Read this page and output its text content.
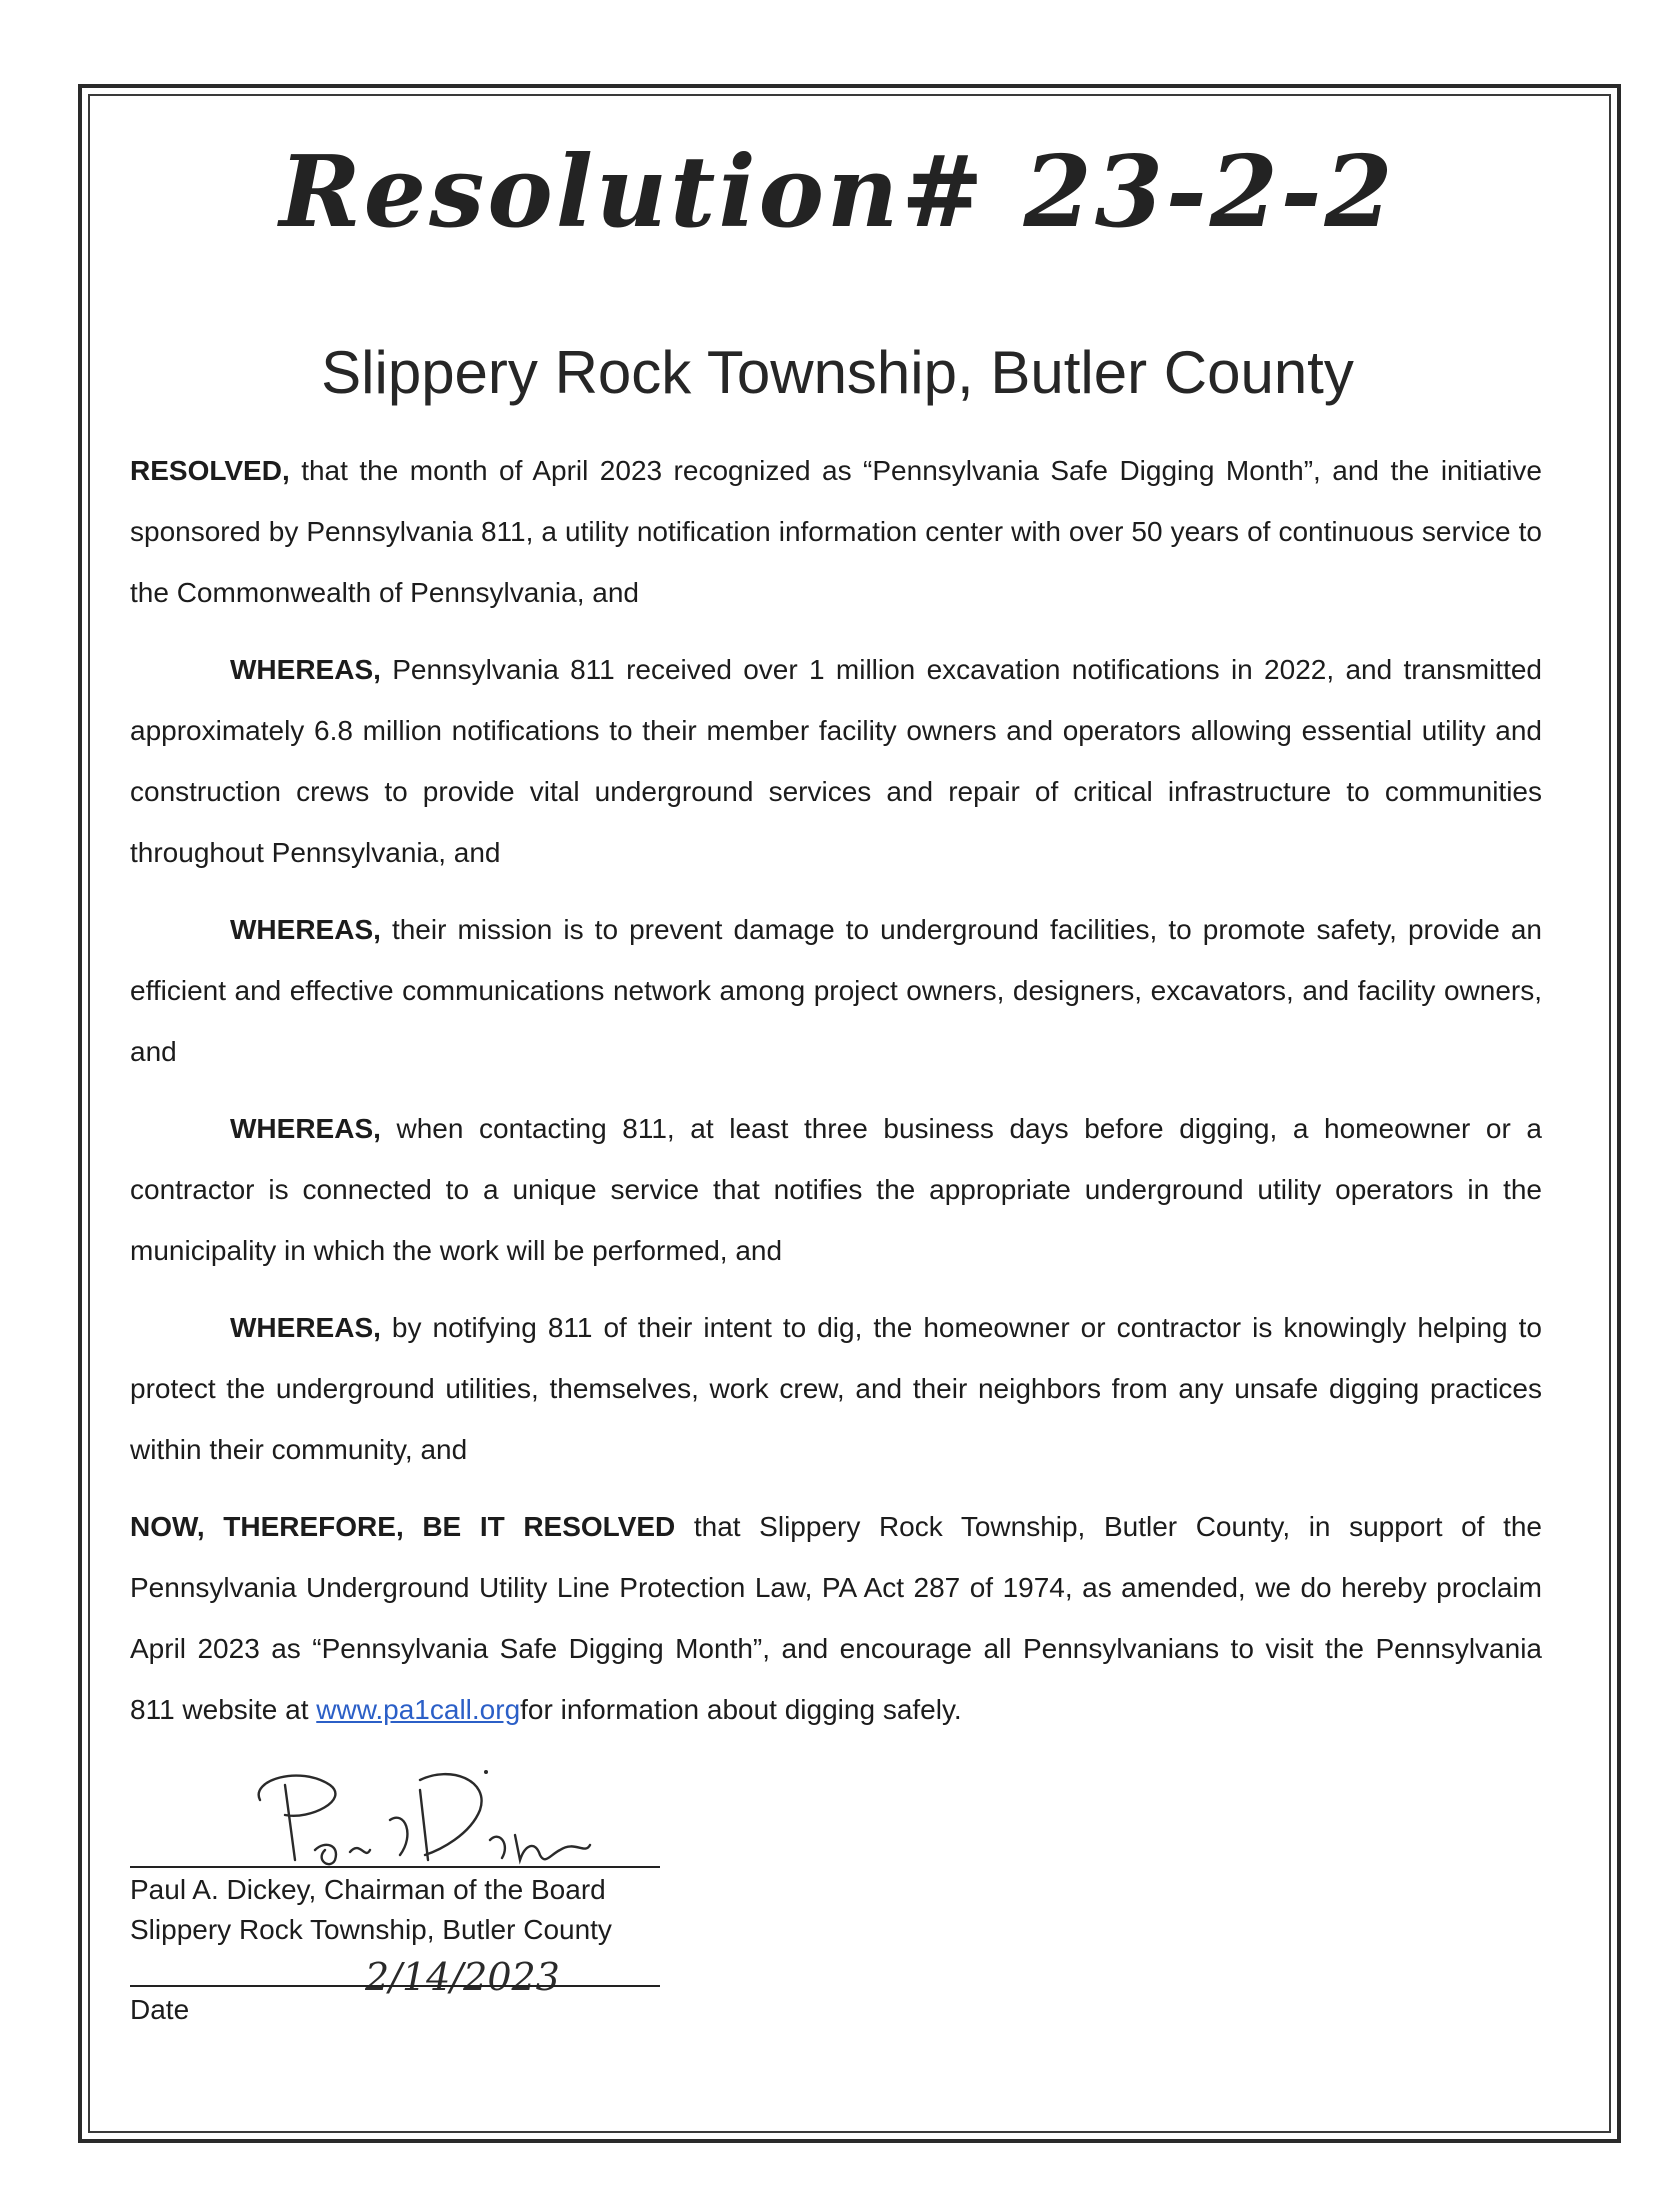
Resolution# 23-2-2
Slippery Rock Township, Butler County

RESOLVED, that the month of April 2023 recognized as “Pennsylvania Safe Digging Month”, and the initiative sponsored by Pennsylvania 811, a utility notification information center with over 50 years of continuous service to the Commonwealth of Pennsylvania, and

WHEREAS, Pennsylvania 811 received over 1 million excavation notifications in 2022, and transmitted approximately 6.8 million notifications to their member facility owners and operators allowing essential utility and construction crews to provide vital underground services and repair of critical infrastructure to communities throughout Pennsylvania, and

WHEREAS, their mission is to prevent damage to underground facilities, to promote safety, provide an efficient and effective communications network among project owners, designers, excavators, and facility owners, and

WHEREAS, when contacting 811, at least three business days before digging, a homeowner or a contractor is connected to a unique service that notifies the appropriate underground utility operators in the municipality in which the work will be performed, and

WHEREAS, by notifying 811 of their intent to dig, the homeowner or contractor is knowingly helping to protect the underground utilities, themselves, work crew, and their neighbors from any unsafe digging practices within their community, and

NOW, THEREFORE, BE IT RESOLVED that Slippery Rock Township, Butler County, in support of the Pennsylvania Underground Utility Line Protection Law, PA Act 287 of 1974, as amended, we do hereby proclaim April 2023 as “Pennsylvania Safe Digging Month”, and encourage all Pennsylvanians to visit the Pennsylvania 811 website at www.pa1call.orgfor information about digging safely.

Paul A. Dickey, Chairman of the Board
Slippery Rock Township, Butler County
2/14/2023
Date
